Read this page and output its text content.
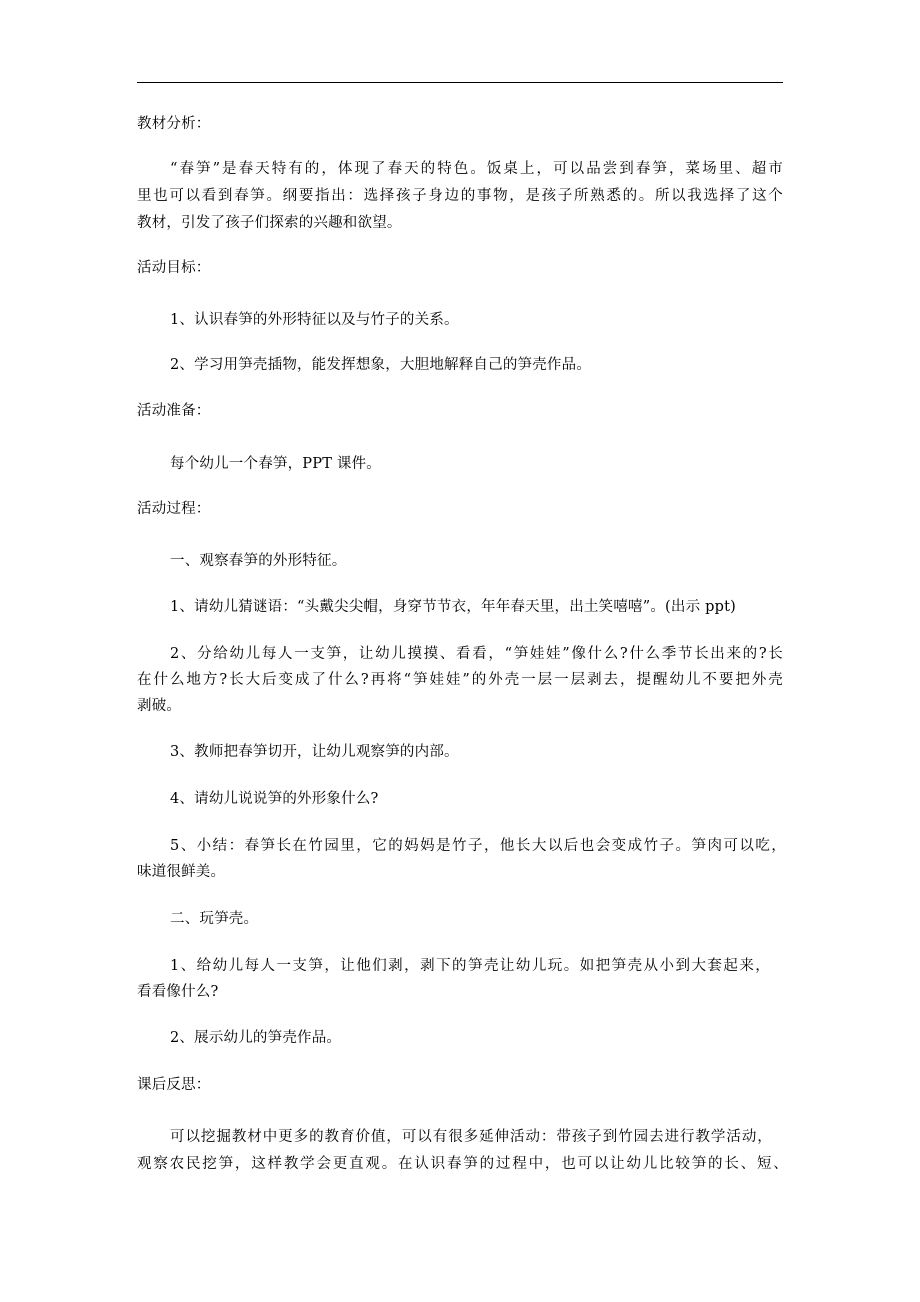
教材分析：
“春笋”是春天特有的，体现了春天的特色。饭桌上，可以品尝到春笋，菜场里、超市
里也可以看到春笋。纲要指出：选择孩子身边的事物，是孩子所熟悉的。所以我选择了这个
教材，引发了孩子们探索的兴趣和欲望。
活动目标：
1、认识春笋的外形特征以及与竹子的关系。
2、学习用笋壳插物，能发挥想象，大胆地解释自己的笋壳作品。
活动准备：
每个幼儿一个春笋，PPT 课件。
活动过程：
一、观察春笋的外形特征。
1、请幼儿猜谜语：“头戴尖尖帽，身穿节节衣，年年春天里，出土笑嘻嘻”。(出示 ppt)
2、分给幼儿每人一支笋，让幼儿摸摸、看看，“笋娃娃”像什么?什么季节长出来的?长
在什么地方?长大后变成了什么?再将“笋娃娃”的外壳一层一层剥去，提醒幼儿不要把外壳
剥破。
3、教师把春笋切开，让幼儿观察笋的内部。
4、请幼儿说说笋的外形象什么?
5、小结：春笋长在竹园里，它的妈妈是竹子，他长大以后也会变成竹子。笋肉可以吃，
味道很鲜美。
二、玩笋壳。
1、给幼儿每人一支笋，让他们剥，剥下的笋壳让幼儿玩。如把笋壳从小到大套起来，
看看像什么?
2、展示幼儿的笋壳作品。
课后反思：
可以挖掘教材中更多的教育价值，可以有很多延伸活动：带孩子到竹园去进行教学活动，
观察农民挖笋，这样教学会更直观。在认识春笋的过程中，也可以让幼儿比较笋的长、短、
